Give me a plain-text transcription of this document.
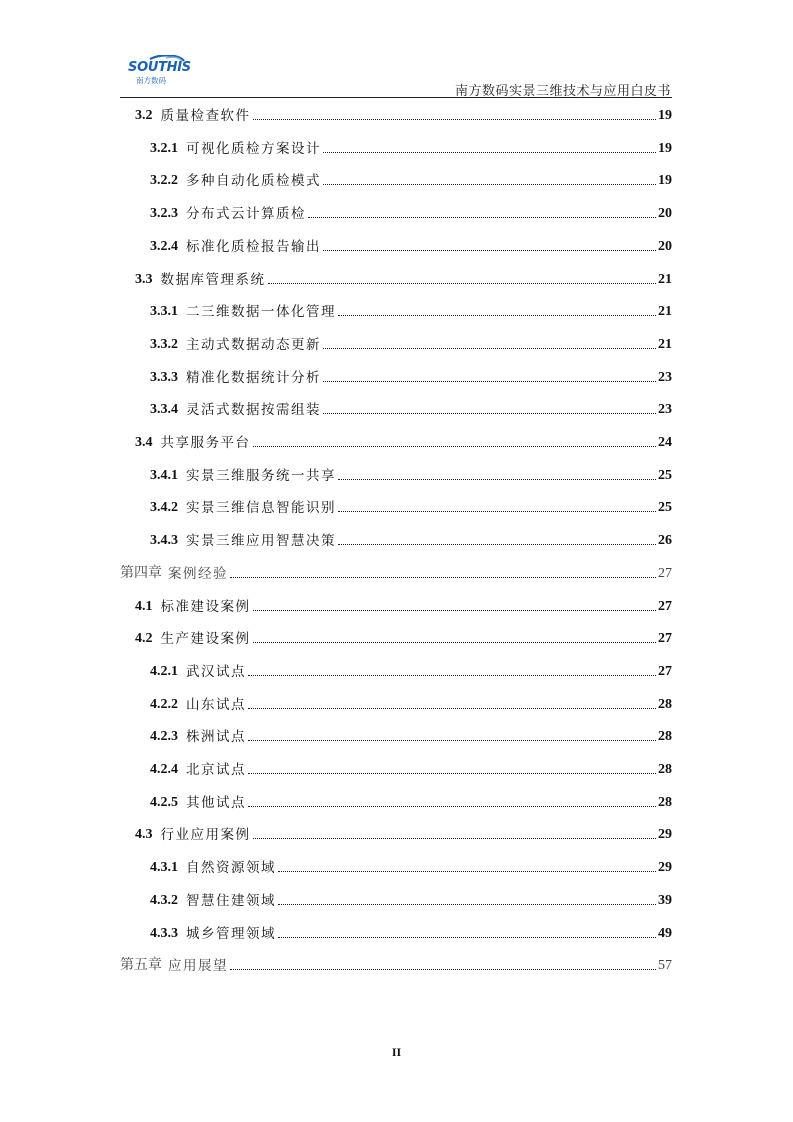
SOUTHIS
南方数码
南方数码实景三维技术与应用白皮书
3.2 质量检查软件	19
3.2.1 可视化质检方案设计	19
3.2.2 多种自动化质检模式	19
3.2.3 分布式云计算质检	20
3.2.4 标准化质检报告输出	20
3.3 数据库管理系统	21
3.3.1 二三维数据一体化管理	21
3.3.2 主动式数据动态更新	21
3.3.3 精准化数据统计分析	23
3.3.4 灵活式数据按需组装	23
3.4 共享服务平台	24
3.4.1 实景三维服务统一共享	25
3.4.2 实景三维信息智能识别	25
3.4.3 实景三维应用智慧决策	26
第四章 案例经验	27
4.1 标准建设案例	27
4.2 生产建设案例	27
4.2.1 武汉试点	27
4.2.2 山东试点	28
4.2.3 株洲试点	28
4.2.4 北京试点	28
4.2.5 其他试点	28
4.3 行业应用案例	29
4.3.1 自然资源领域	29
4.3.2 智慧住建领域	39
4.3.3 城乡管理领域	49
第五章 应用展望	57
II
